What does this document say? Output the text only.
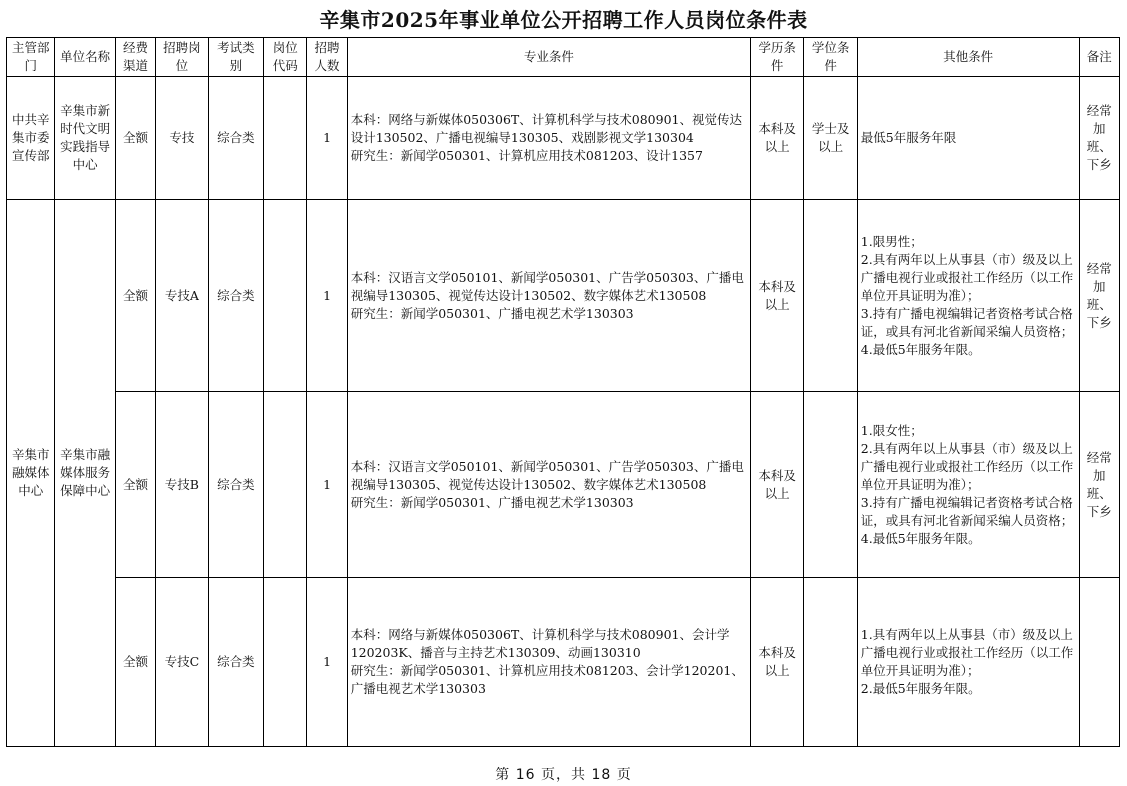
辛集市2025年事业单位公开招聘工作人员岗位条件表
主管部门	单位名称	经费渠道	招聘岗位	考试类别	岗位代码	招聘人数	专业条件	学历条件	学位条件	其他条件	备注
中共辛集市委宣传部	辛集市新时代文明实践指导中心	全额	专技	综合类		1	本科：网络与新媒体050306T、计算机科学与技术080901、视觉传达设计130502、广播电视编导130305、戏剧影视文学130304
研究生：新闻学050301、计算机应用技术081203、设计1357	本科及以上	学士及以上	最低5年服务年限	经常加班、下乡
辛集市融媒体中心	辛集市融媒体服务保障中心	全额	专技A	综合类		1	本科：汉语言文学050101、新闻学050301、广告学050303、广播电视编导130305、视觉传达设计130502、数字媒体艺术130508
研究生：新闻学050301、广播电视艺术学130303	本科及以上		1.限男性；
2.具有两年以上从事县（市）级及以上广播电视行业或报社工作经历（以工作单位开具证明为准）；
3.持有广播电视编辑记者资格考试合格证，或具有河北省新闻采编人员资格；
4.最低5年服务年限。	经常加班、下乡
		全额	专技B	综合类		1	本科：汉语言文学050101、新闻学050301、广告学050303、广播电视编导130305、视觉传达设计130502、数字媒体艺术130508
研究生：新闻学050301、广播电视艺术学130303	本科及以上		1.限女性；
2.具有两年以上从事县（市）级及以上广播电视行业或报社工作经历（以工作单位开具证明为准）；
3.持有广播电视编辑记者资格考试合格证，或具有河北省新闻采编人员资格；
4.最低5年服务年限。	经常加班、下乡
		全额	专技C	综合类		1	本科：网络与新媒体050306T、计算机科学与技术080901、会计学120203K、播音与主持艺术130309、动画130310
研究生：新闻学050301、计算机应用技术081203、会计学120201、广播电视艺术学130303	本科及以上		1.具有两年以上从事县（市）级及以上广播电视行业或报社工作经历（以工作单位开具证明为准）；
2.最低5年服务年限。	

第 16 页，共 18 页
